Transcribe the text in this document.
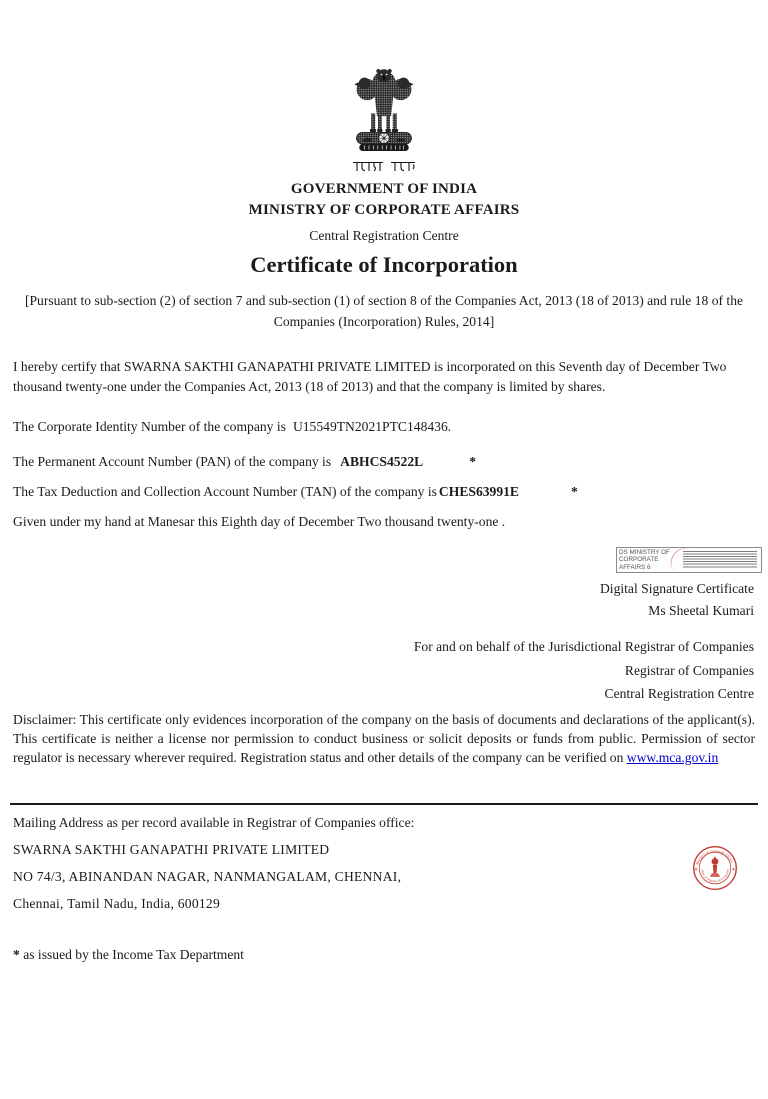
GOVERNMENT OF INDIA
MINISTRY OF CORPORATE AFFAIRS
Central Registration Centre
Certificate of Incorporation
[Pursuant to sub-section (2) of section 7 and sub-section (1) of section 8 of the Companies Act, 2013 (18 of 2013) and rule 18 of the Companies (Incorporation) Rules, 2014]
I hereby certify that SWARNA SAKTHI GANAPATHI PRIVATE LIMITED is incorporated on this Seventh day of December Two thousand twenty-one under the Companies Act, 2013 (18 of 2013) and that the company is limited by shares.
The Corporate Identity Number of the company is U15549TN2021PTC148436.
The Permanent Account Number (PAN) of the company is ABHCS4522L	*
The Tax Deduction and Collection Account Number (TAN) of the company is CHES63991E	*
Given under my hand at Manesar this Eighth day of December Two thousand twenty-one .
DS MINISTRY OF
CORPORATE AFFAIRS 6
Digital Signature Certificate
Ms Sheetal Kumari
For and on behalf of the Jurisdictional Registrar of Companies
Registrar of Companies
Central Registration Centre
Disclaimer: This certificate only evidences incorporation of the company on the basis of documents and declarations of the applicant(s). This certificate is neither a license nor permission to conduct business or solicit deposits or funds from public. Permission of sector regulator is necessary wherever required. Registration status and other details of the company can be verified on www.mca.gov.in
Mailing Address as per record available in Registrar of Companies office:
SWARNA SAKTHI GANAPATHI PRIVATE LIMITED
NO 74/3, ABINANDAN NAGAR, NANMANGALAM, CHENNAI,
Chennai, Tamil Nadu, India, 600129
Ministry of Corporate Affairs
Office of Registrar of Companies
★	★
* as issued by the Income Tax Department
